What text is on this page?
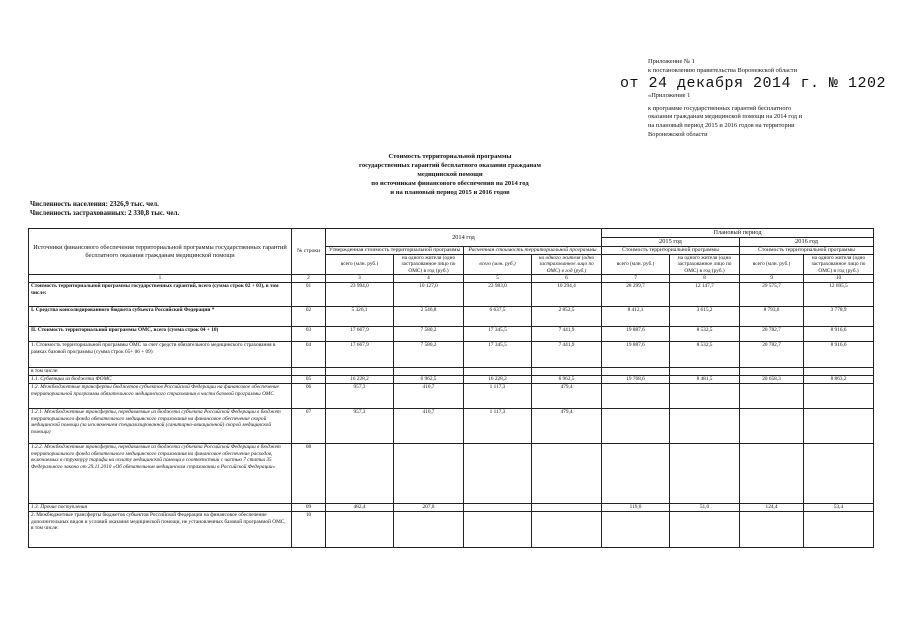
Приложение № 1
к постановлению правительства Воронежской области
от 24 декабря 2014 г. № 1202
«Приложение 1
к программе государственных гарантий бесплатного
оказания гражданам медицинской помощи на 2014 год и
на плановый период 2015 и 2016 годов на территории
Воронежской области
Стоимость территориальной программы
государственных гарантий бесплатного оказания гражданам
медицинской помощи
по источникам финансового обеспечения на 2014 год
и на плановый период 2015 и 2016 годов
Численность населения: 2326,9 тыс. чел.
Численность застрахованных: 2 330,8 тыс. чел.
Источники финансового обеспечения территориальной программы государственных гарантий бесплатного оказания гражданам медицинской помощи	№ строки	2014 год				Плановый период			
						2015 год		2016 год	
		Утвержденная стоимость территориальной программы		Расчетная стоимость территориальной программы		Стоимость территориальной программы		Стоимость территориальной программы	
		всего (млн. руб.)	на одного жителя (одно застрахованное лицо по ОМС) в год (руб.)	всего (млн. руб.)	на одного жителя (одно застрахованное лицо по ОМС) в год (руб.)	всего (млн. руб.)	на одного жителя (одно застрахованное лицо по ОМС) в год (руб.)	всего (млн. руб.)	на одного жителя (одно застрахованное лицо по ОМС) в год (руб.)
1	2	3	4	5	6	7	8	9	10
Стоимость территориальной программы государственных гарантий, всего (сумма строк 02 + 03), в том числе:	01	23 994,0	10 127,0	23 983,0	10 294,4	28 299,7	12 147,7	29 575,7	12 695,5
I. Средства консолидированного бюджета субъекта Российской Федерации *	02	5 326,1	2 546,8	6 637,5	2 852,5	8 412,1	3 615,2	8 793,0	3 778,9
II. Стоимость территориальной программы ОМС, всего (сумма строк 04 + 10)	03	17 667,9	7 580,2	17 345,5	7 441,9	19 887,6	8 532,5	20 782,7	8 916,6
1. Стоимость территориальной программы ОМС за счет средств обязательного медицинского страхования в рамках базовой программы (сумма строк 05+ 06 + 09)	04	17 667,9	7 580,2	17 345,5	7 441,9	19 887,6	8 532,5	20 782,7	8 916,6
в том числе:									
1.1. Субвенции из бюджета ФОМС	05	16 228,2	6 962,5	16 228,2	6 962,5	19 768,6	8 481,5	20 658,3	8 863,2
1.2. Межбюджетные трансферты бюджетов субъектов Российской Федерации на финансовое обеспечение территориальной программы обязательного медицинского страхования в части базовой программы ОМС	06	957,3	410,7	1 117,3	479,4				
1.2.1. Межбюджетные трансферты, передаваемые из бюджета субъекта Российской Федерации в бюджет территориального фонда обязательного медицинского страхования на финансовое обеспечение скорой медицинской помощи (за исключением специализированной (санитарно-авиационной) скорой медицинской помощи)	07	957,3	410,7	1 117,3	479,4				
1.2.2. Межбюджетные трансферты, передаваемые из бюджета субъекта Российской Федерации в бюджет территориального фонда обязательного медицинского страхования на финансовое обеспечение расходов, включаемых в структуру тарифа на оплату медицинской помощи в соответствии с частью 7 статьи 35 Федерального закона от 29.11.2010 «Об обязательном медицинском страховании в Российской Федерации»	08								
1.3. Прочие поступления	09	482,4	207,0			119,0	51,0	124,4	53,4
2. Межбюджетные трансферты бюджетов субъектов Российской Федерации на финансовое обеспечение дополнительных видов и условий оказания медицинской помощи, не установленных базовой программой ОМС, в том числе:	10								
